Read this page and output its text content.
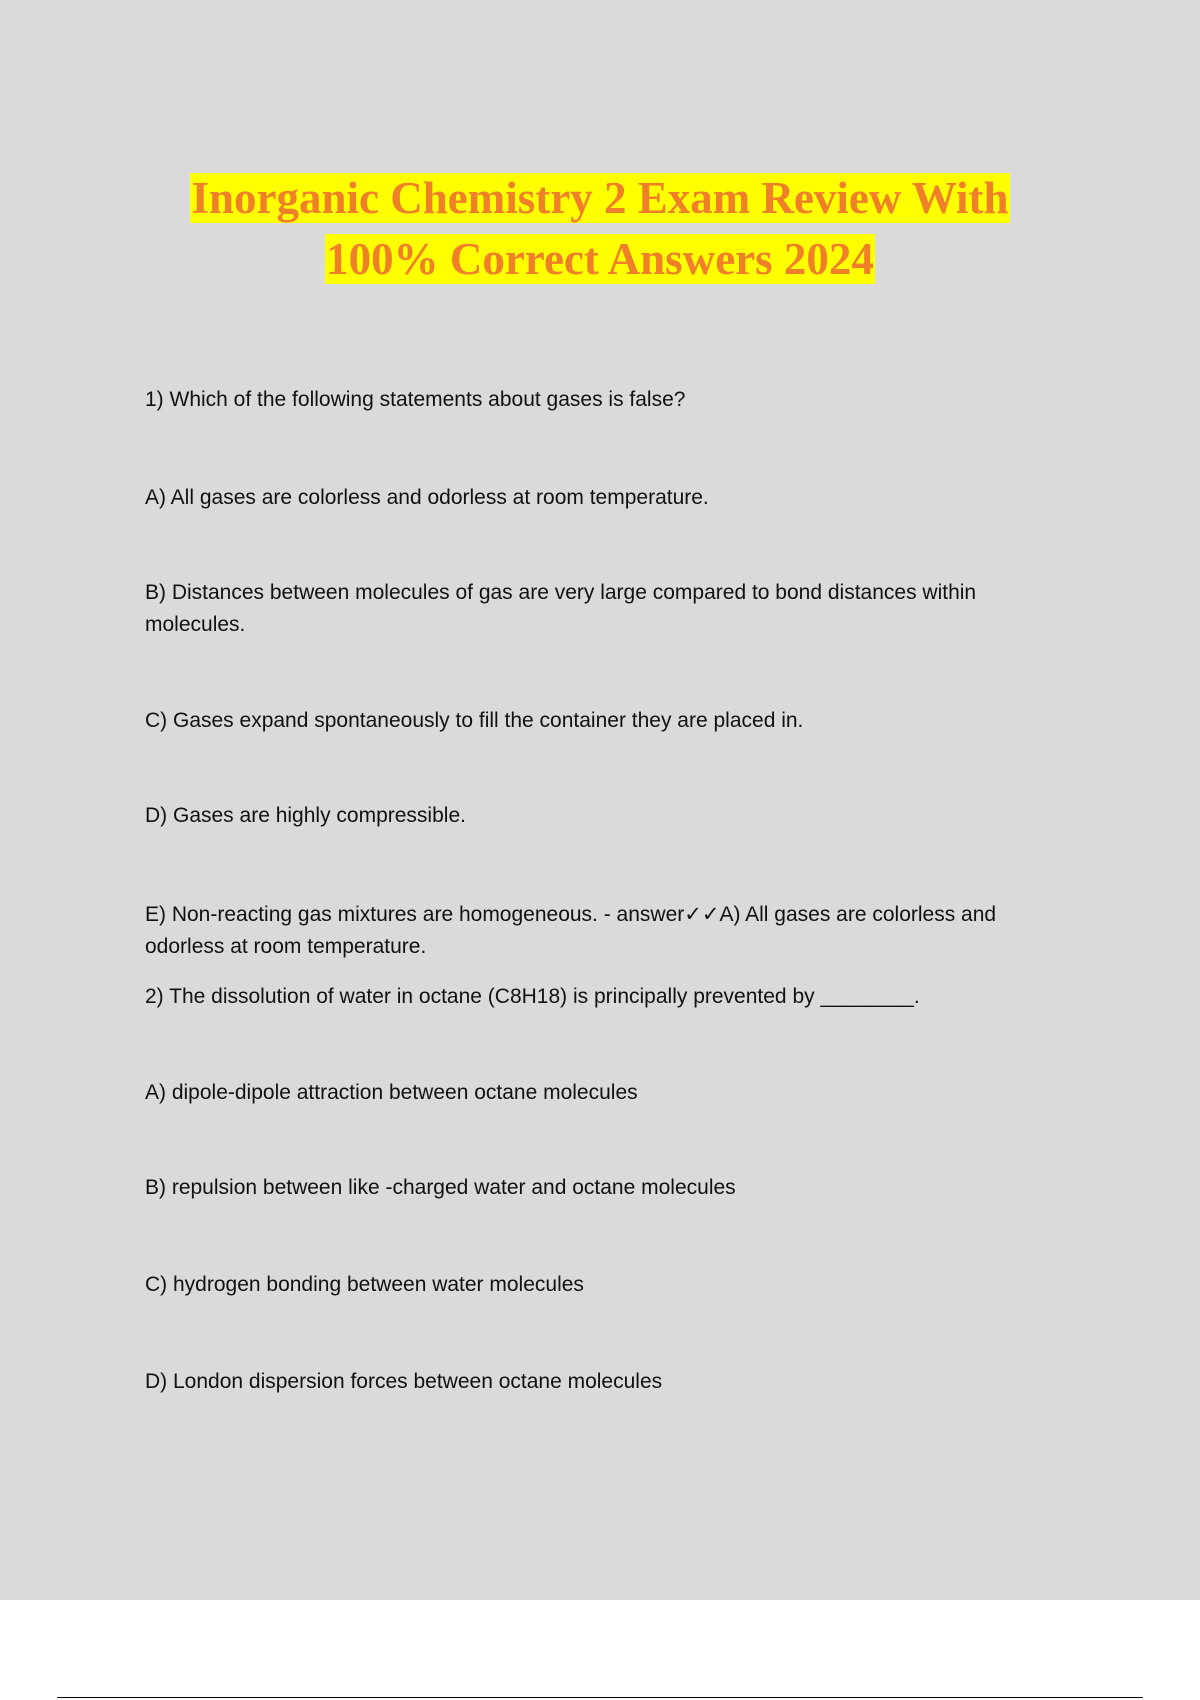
Inorganic Chemistry 2 Exam Review With
100% Correct Answers 2024

1) Which of the following statements about gases is false?

A) All gases are colorless and odorless at room temperature.

B) Distances between molecules of gas are very large compared to bond distances within molecules.

C) Gases expand spontaneously to fill the container they are placed in.

D) Gases are highly compressible.

E) Non-reacting gas mixtures are homogeneous. - answer✓✓A) All gases are colorless and odorless at room temperature.

2) The dissolution of water in octane (C8H18) is principally prevented by ________.

A) dipole-dipole attraction between octane molecules

B) repulsion between like -charged water and octane molecules

C) hydrogen bonding between water molecules

D) London dispersion forces between octane molecules
